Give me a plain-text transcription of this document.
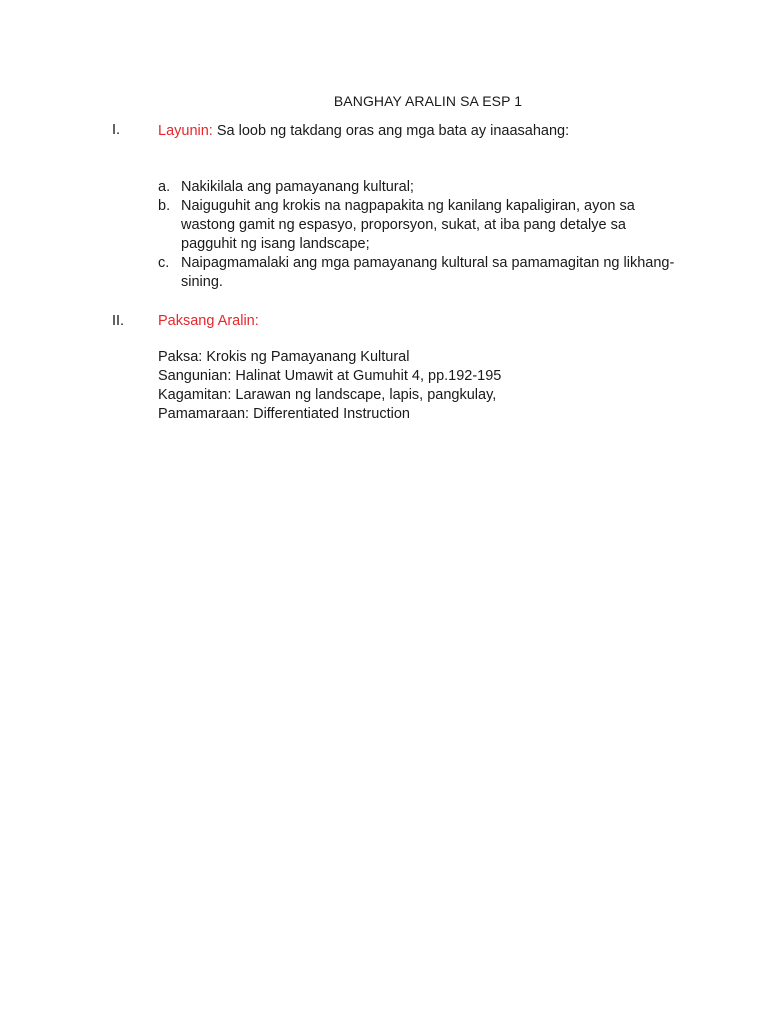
BANGHAY ARALIN SA ESP 1
I.	Layunin: Sa loob ng takdang oras ang mga bata ay inaasahang:
a. Nakikilala ang pamayanang kultural;
b. Naiguguhit ang krokis na nagpapakita ng kanilang kapaligiran, ayon sa wastong gamit ng espasyo, proporsyon, sukat, at iba pang detalye sa pagguhit ng isang landscape;
c. Naipagmamalaki ang mga pamayanang kultural sa pamamagitan ng likhang-sining.
II. Paksang Aralin:
Paksa: Krokis ng Pamayanang Kultural
Sangunian: Halinat Umawit at Gumuhit 4, pp.192-195
Kagamitan: Larawan ng landscape, lapis, pangkulay,
Pamamaraan: Differentiated Instruction
